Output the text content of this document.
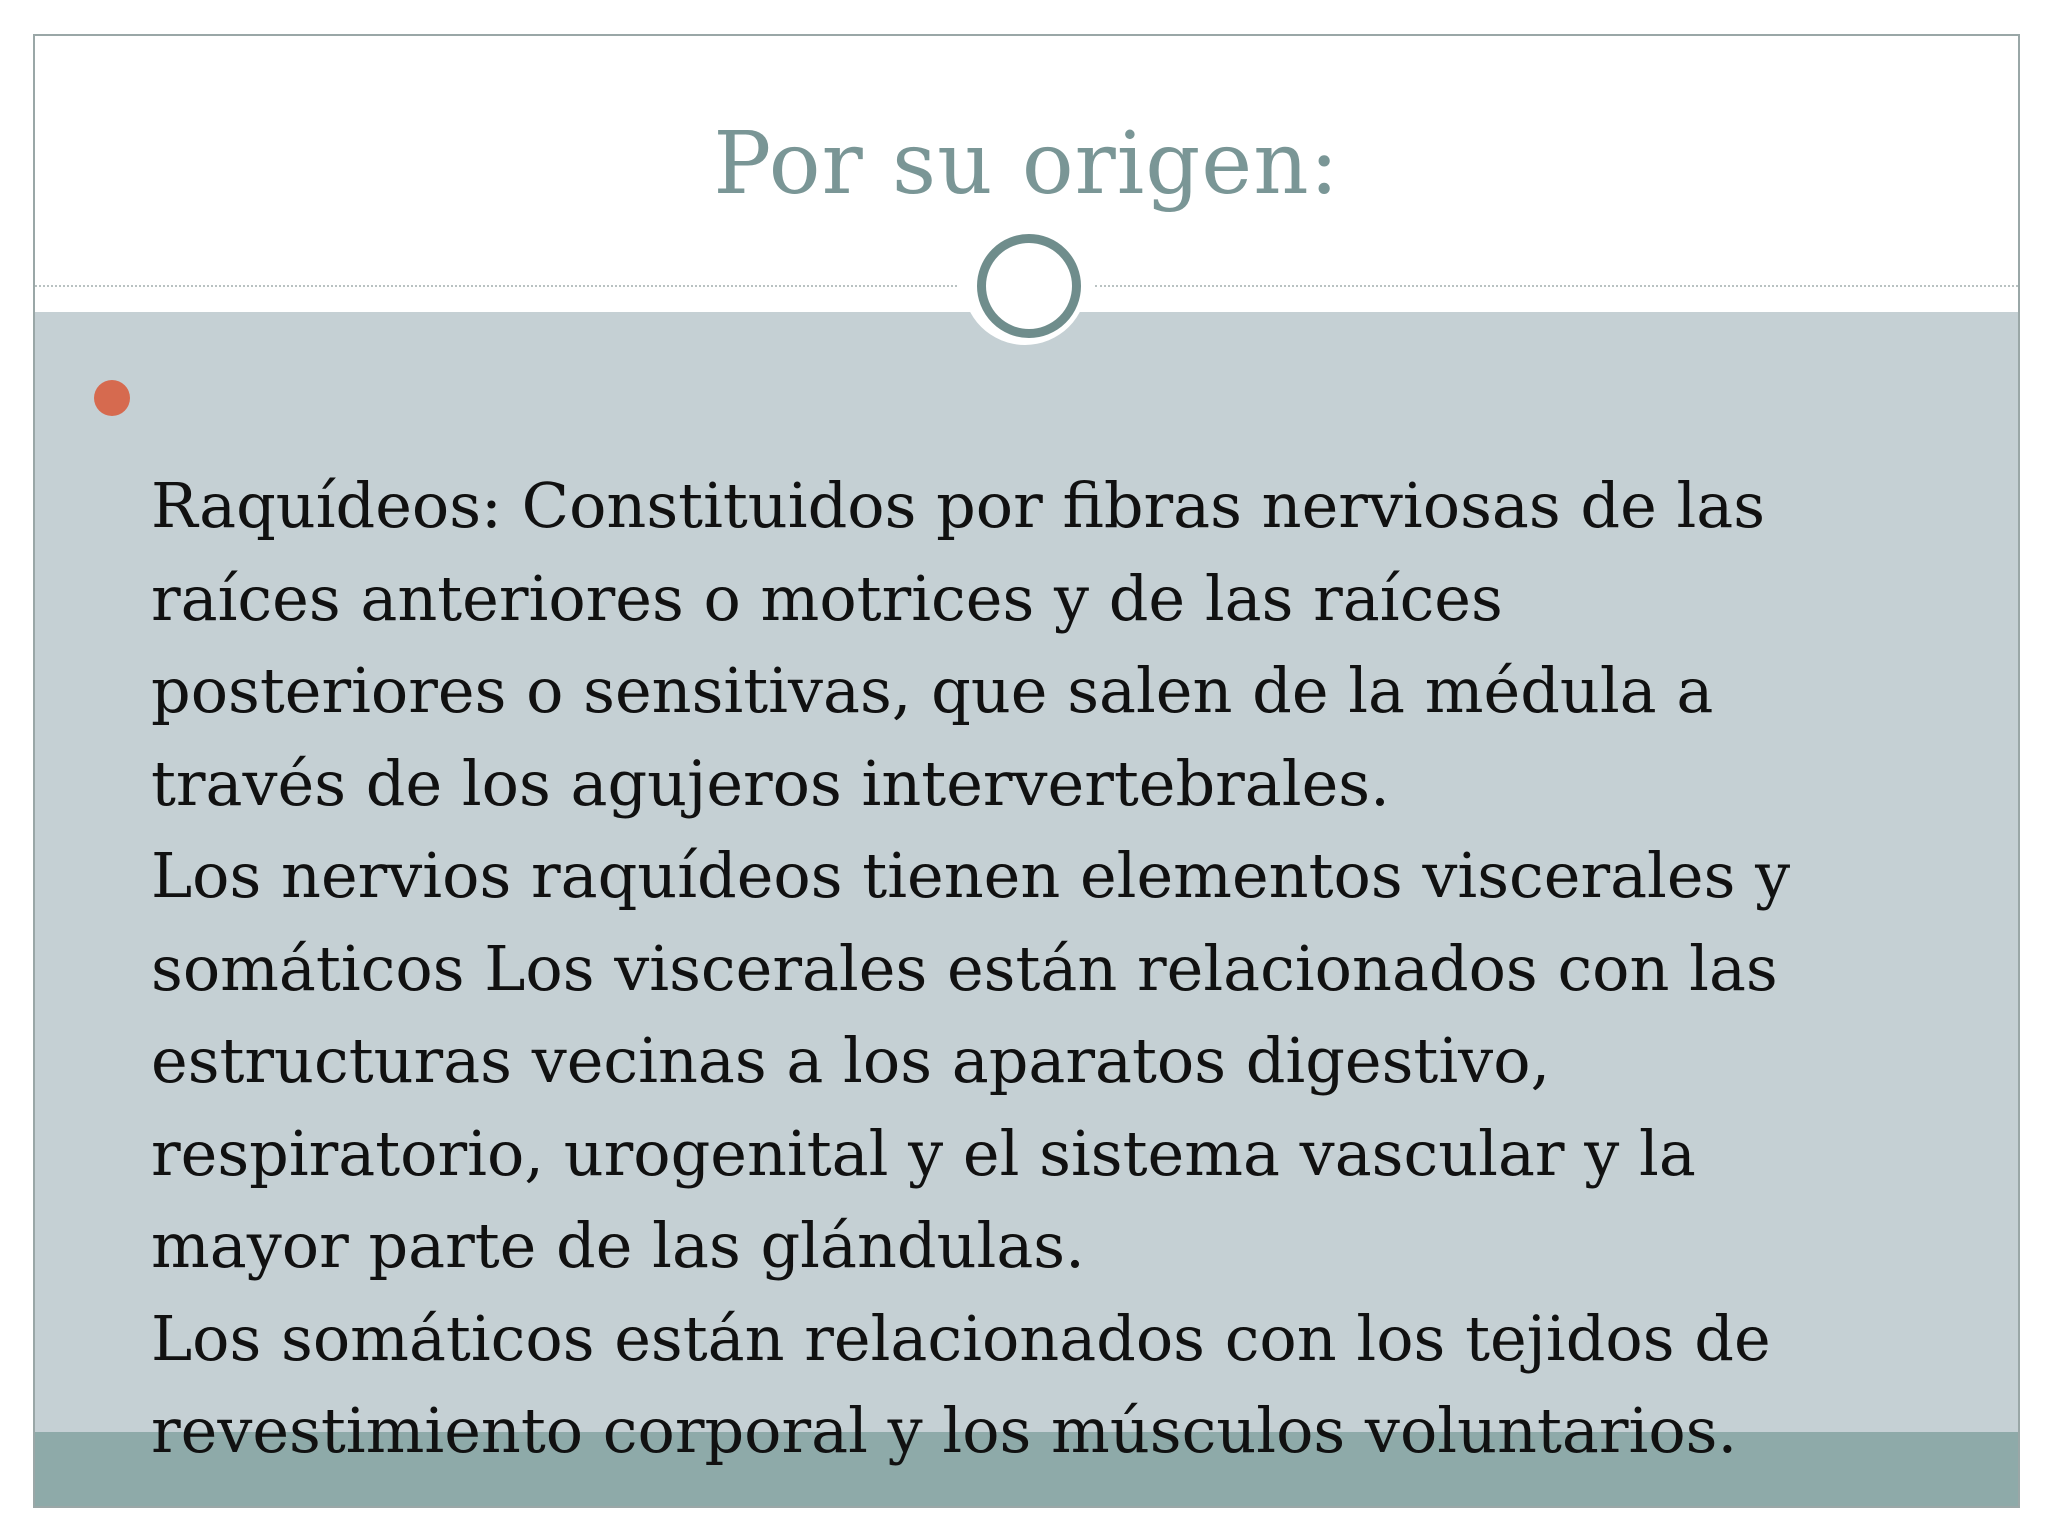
Por su origen:

Raquídeos: Constituidos por fibras nerviosas de las
raíces anteriores o motrices y de las raíces
posteriores o sensitivas, que salen de la médula a
través de los agujeros intervertebrales.
Los nervios raquídeos tienen elementos viscerales y
somáticos Los viscerales están relacionados con las
estructuras vecinas a los aparatos digestivo,
respiratorio, urogenital y el sistema vascular y la
mayor parte de las glándulas.
Los somáticos están relacionados con los tejidos de
revestimiento corporal y los músculos voluntarios.
